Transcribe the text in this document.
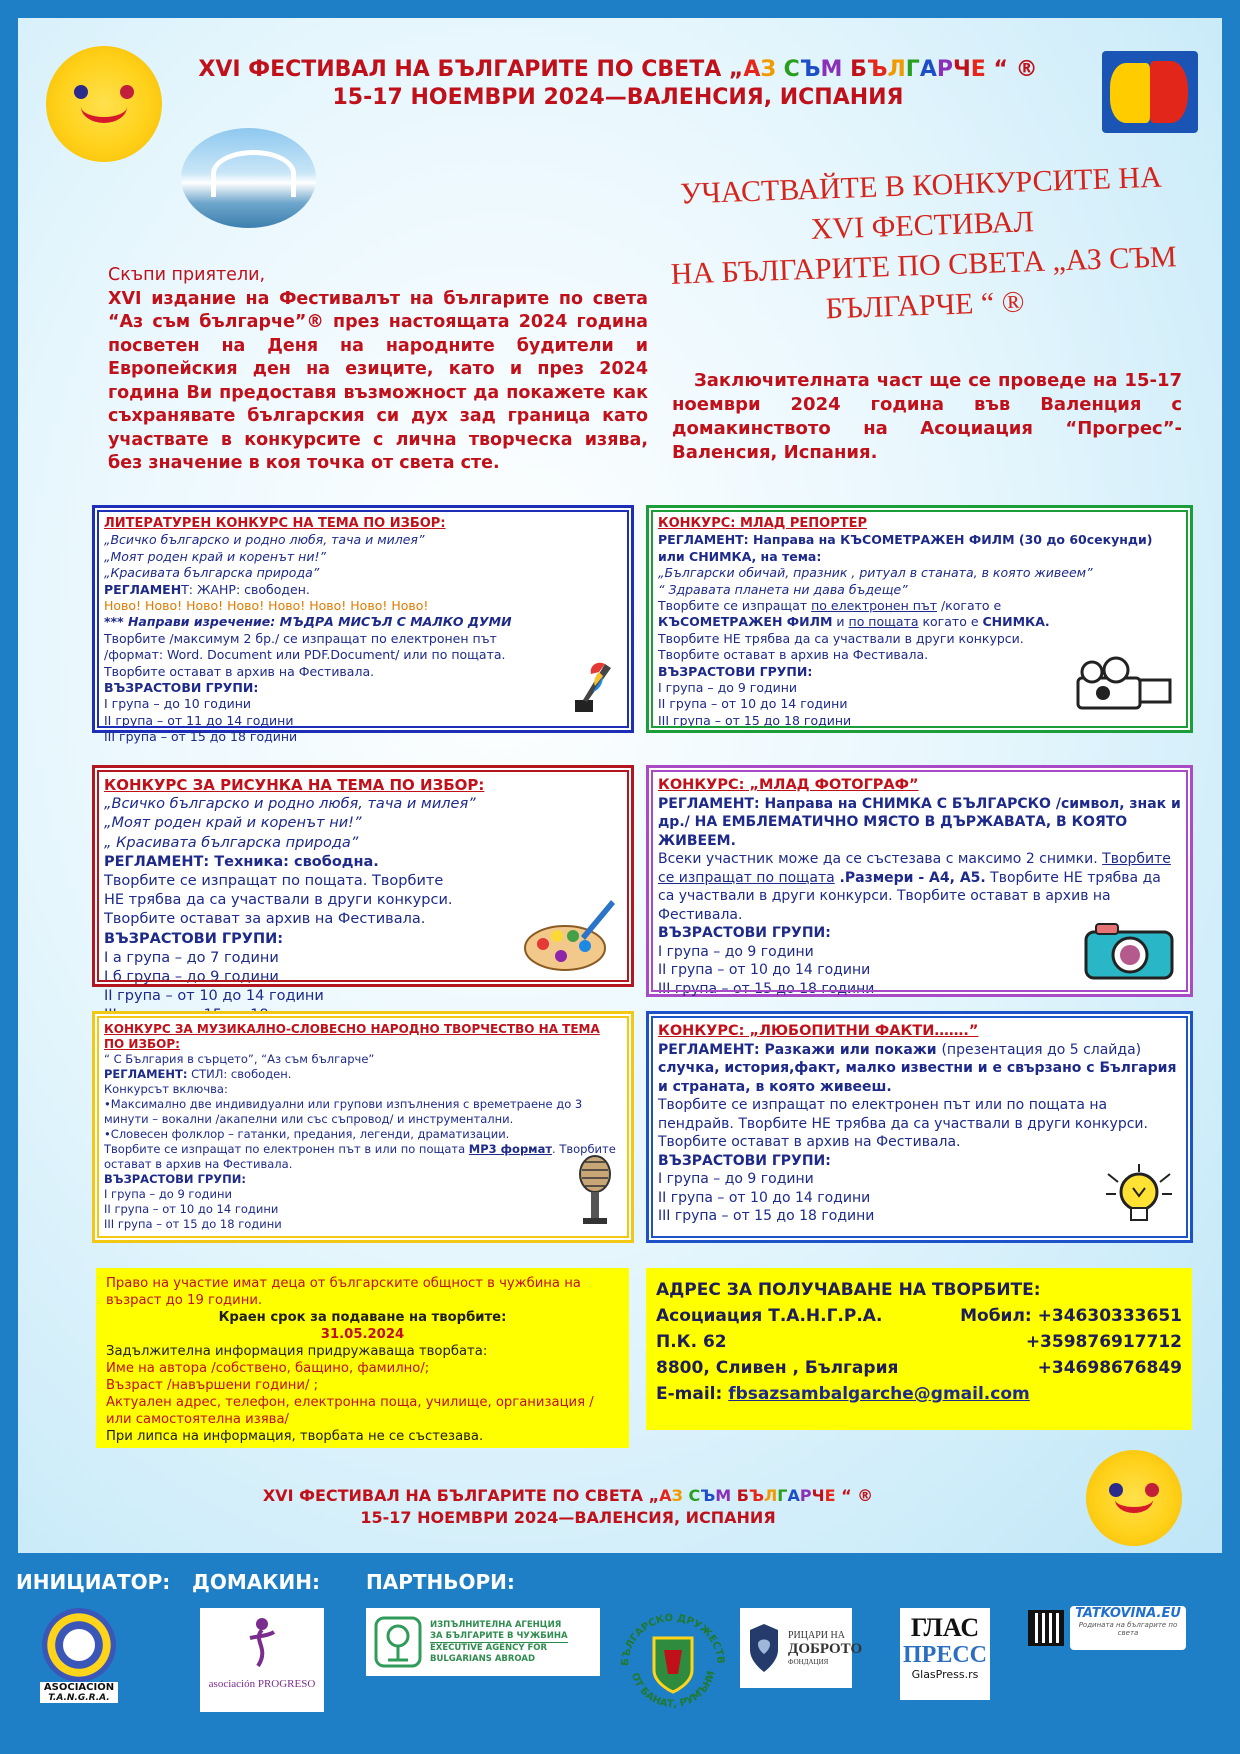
XVI ФЕСТИВАЛ НА БЪЛГАРИТЕ ПО СВЕТА „АЗ СЪМ БЪЛГАРЧЕ “ ®
15-17 НОЕМВРИ 2024—ВАЛЕНСИЯ, ИСПАНИЯ
УЧАСТВАЙТЕ В КОНКУРСИТЕ НА
XVI ФЕСТИВАЛ
НА БЪЛГАРИТЕ ПО СВЕТА „АЗ СЪМ БЪЛГАРЧЕ “ ®
Скъпи приятели,
XVI издание на Фестивалът на българите по света “Аз съм българче”® през настоящата 2024 година посветен на Деня на народните будители и Европейския ден на езиците, като и през 2024 година Ви предоставя възможност да покажете как съхранявате българския си дух зад граница като участвате в конкурсите с лична творческа изява, без значение в коя точка от света сте.
Заключителната част ще се проведе на 15-17 ноември 2024 година във Валенция с домакинството на Асоциация “Прогрес”- Валенсия, Испания.
ЛИТЕРАТУРЕН КОНКУРС НА ТЕМА ПО ИЗБОР:
„Всичко българско и родно любя, тача и милея”
„Моят роден край и коренът ни!”
„Красивата българска природа”
РЕГЛАМЕНТ: ЖАНР: свободен.
Ново! Ново! Ново! Ново! Ново! Ново! Ново! Ново!
*** Направи изречение: МЪДРА МИСЪЛ С МАЛКО ДУМИ
Творбите /максимум 2 бр./ се изпращат по електронен път
/формат: Word. Document или PDF.Document/ или по пощата.
Творбите остават в архив на Фестивала.
ВЪЗРАСТОВИ ГРУПИ:
I група – до 10 години
II група – от 11 до 14 години
III група – от 15 до 18 години
КОНКУРС: МЛАД РЕПОРТЕР
РЕГЛАМЕНТ: Направа на КЪСОМЕТРАЖЕН ФИЛМ (30 до 60секунди) или СНИМКА, на тема:
„Български обичай, празник , ритуал в станата, в която живеем”
“ Здравата планета ни дава бъдеще”
Творбите се изпращат по електронен път /когато е
КЪСОМЕТРАЖЕН ФИЛМ и по пощата когато е СНИМКА.
Творбите НЕ трябва да са участвали в други конкурси.
Творбите остават в архив на Фестивала.
ВЪЗРАСТОВИ ГРУПИ:
I група – до 9 години
II група – от 10 до 14 години
III група – от 15 до 18 години
КОНКУРС ЗА РИСУНКА НА ТЕМА ПО ИЗБОР:
„Всичко българско и родно любя, тача и милея”
„Моят роден край и коренът ни!”
„ Красивата българска природа”
РЕГЛАМЕНТ: Техника: свободна.
Творбите се изпращат по пощата. Творбите
НЕ трябва да са участвали в други конкурси.
Творбите остават за архив на Фестивала.
ВЪЗРАСТОВИ ГРУПИ:
I а група – до 7 години
I б група – до 9 години
II група – от 10 до 14 години
КОНКУРС: „МЛАД ФОТОГРАФ”
РЕГЛАМЕНТ: Направа на СНИМКА С БЪЛГАРСКО /символ, знак и др./ НА ЕМБЛЕМАТИЧНО МЯСТО В ДЪРЖАВАТА, В КОЯТО ЖИВЕЕМ.
Всеки участник може да се състезава с максимо 2 снимки. Творбите се изпращат по пощата .Размери - А4, А5. Творбите НЕ трябва да са участвали в други конкурси. Творбите остават в архив на Фестивала.
ВЪЗРАСТОВИ ГРУПИ:
I група – до 9 години
II група – от 10 до 14 години
III група – от 15 до 18 години
КОНКУРС ЗА МУЗИКАЛНО-СЛОВЕСНО НАРОДНО ТВОРЧЕСТВО НА ТЕМА ПО ИЗБОР:
“ С България в сърцето”, “Аз съм българче”
РЕГЛАМЕНТ: СТИЛ: свободен.
Конкурсът включва:
•Максимално две индивидуални или групови изпълнения с времетраене до 3 минути – вокални /акапелни или със съпровод/ и инструментални.
•Словесен фолклор – гатанки, предания, легенди, драматизации.
Творбите се изпращат по електронен път в или по пощата MP3 формат. Творбите остават в архив на Фестивала.
ВЪЗРАСТОВИ ГРУПИ:
I група – до 9 години
II група – от 10 до 14 години
III група – от 15 до 18 години
КОНКУРС: „ЛЮБОПИТНИ ФАКТИ…….”
РЕГЛАМЕНТ: Разкажи или покажи (презентация до 5 слайда) случка, история,факт, малко известни и е свързано с България и страната, в която живееш.
Творбите се изпращат по електронен път или по пощата на пендрайв. Творбите НЕ трябва да са участвали в други конкурси. Творбите остават в архив на Фестивала.
ВЪЗРАСТОВИ ГРУПИ:
I група – до 9 години
II група – от 10 до 14 години
III група – от 15 до 18 години
Право на участие имат деца от българските общност в чужбина на възраст до 19 години.
Краен срок за подаване на творбите:
31.05.2024
Задължителна информация придружаваща творбата:
Име на автора /собствено, бащино, фамилно/;
Възраст /навършени години/ ;
Актуален адрес, телефон, електронна поща, училище, организация /или самостоятелна изява/
При липса на информация, творбата не се състезава.
АДРЕС ЗА ПОЛУЧАВАНЕ НА ТВОРБИТЕ:
Асоциация Т.А.Н.Г.Р.А.	Мобил: +34630333651
П.К. 62	+359876917712
8800, Сливен , България	+34698676849
E-mail: fbsazsambalgarche@gmail.com
XVI ФЕСТИВАЛ НА БЪЛГАРИТЕ ПО СВЕТА „АЗ СЪМ БЪЛГАРЧЕ “ ®
15-17 НОЕМВРИ 2024—ВАЛЕНСИЯ, ИСПАНИЯ
ИНИЦИАТОР: ДОМАКИН: ПАРТНЬОРИ:
ASOCIACIÓN
T.A.N.G.R.A.
asociación PROGRESO
ИЗПЪЛНИТЕЛНА АГЕНЦИЯ
ЗА БЪЛГАРИТЕ В ЧУЖБИНА
EXECUTIVE AGENCY FOR
BULGARIANS ABROAD	БЪЛГАРСКО ДРУЖЕСТВ
ОТ БАНАТ, РУМЪНИ
РИЦАРИ НА
ДОБРОТО
ФОНДАЦИЯ
ГЛАС
ПРЕСС
GlasPress.rs
TATKOVINA.EU
Родината на българите по света
